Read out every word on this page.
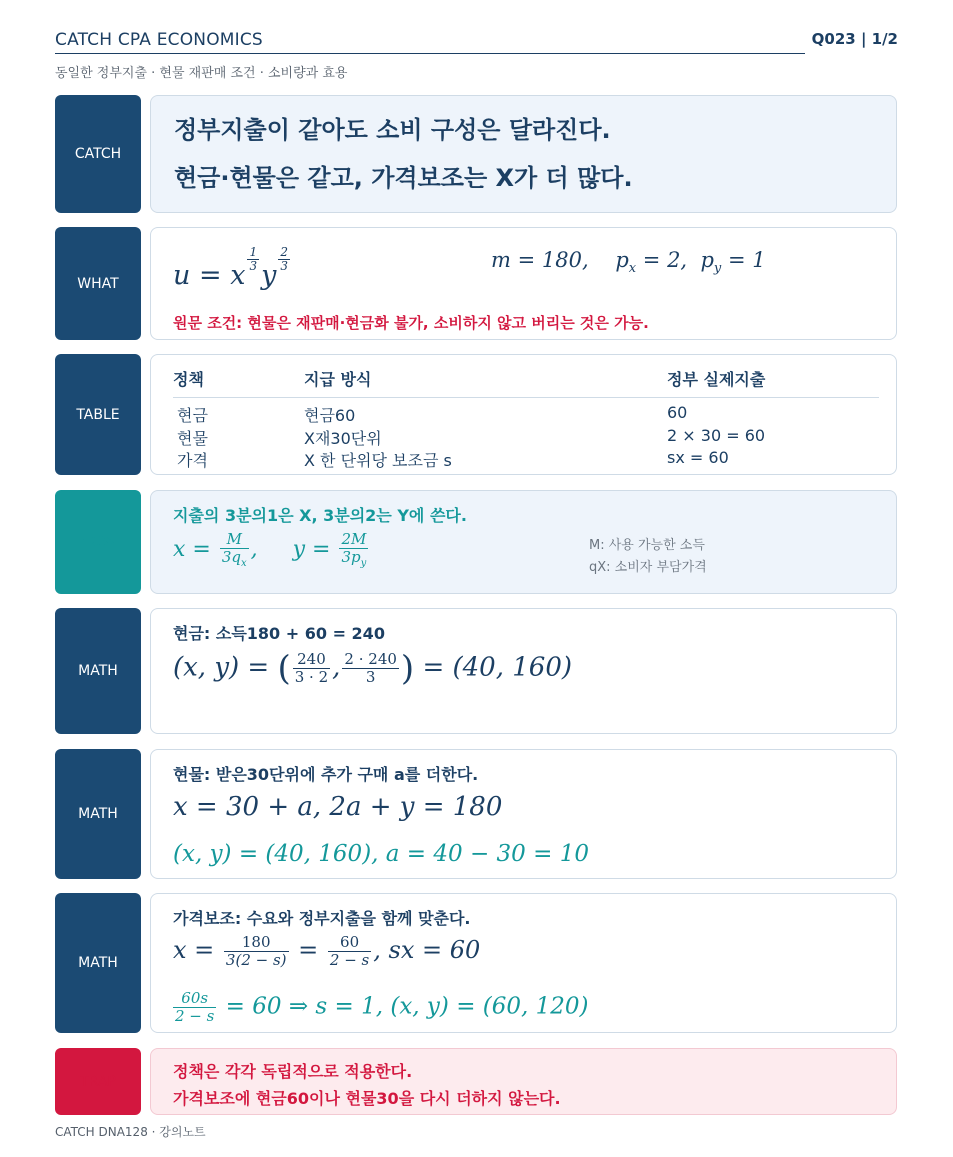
CATCH CPA ECONOMICS	Q023 | 1/2
동일한 정부지출 · 현물 재판매 조건 · 소비량과 효용
CATCH
정부지출이 같아도 소비 구성은 달라진다.
현금·현물은 같고, 가격보조는 X가 더 많다.
WHAT	u = x
$\frac{1}{3}$
y
$\frac{2}{3}$	m = 180, $p_x = 2$, $p_y = 1$
원문 조건: 현물은 재판매·현금화 불가, 소비하지 않고 버리는 것은 가능.
TABLE
정책	지급 방식	정부 실제지출
현금	현금60	60
현물	X재30단위	2 × 30 = 60
가격	X 한 단위당 보조금 s	sx = 60
HOW
지출의 3분의1은 X, 3분의2는 Y에 쓴다.
$x = \frac{M}{3q_x}$ ,     $y = \frac{2M}{3p_y}$	M: 사용 가능한 소득
qX: 소비자 부담가격
MATH
현금: 소득180 + 60 = 240
(x, y) = ( $\frac{240}{3 \cdot 2}$ , $\frac{2 \cdot 240}{3}$ ) = (40, 160)
MATH
현물: 받은30단위에 추가 구매 a를 더한다.
x = 30 + a, 2a + y = 180
(x, y) = (40, 160), a = 40 − 30 = 10
MATH
가격보조: 수요와 정부지출을 함께 맞춘다.
$x = \frac{180}{3(2 - s)} = \frac{60}{2 - s}$ , sx = 60
$\frac{60s}{2 - s} = 60$ ⇒ s = 1, (x, y) = (60, 120)
TRAP
정책은 각각 독립적으로 적용한다.
가격보조에 현금60이나 현물30을 다시 더하지 않는다.
CATCH DNA128 · 강의노트
